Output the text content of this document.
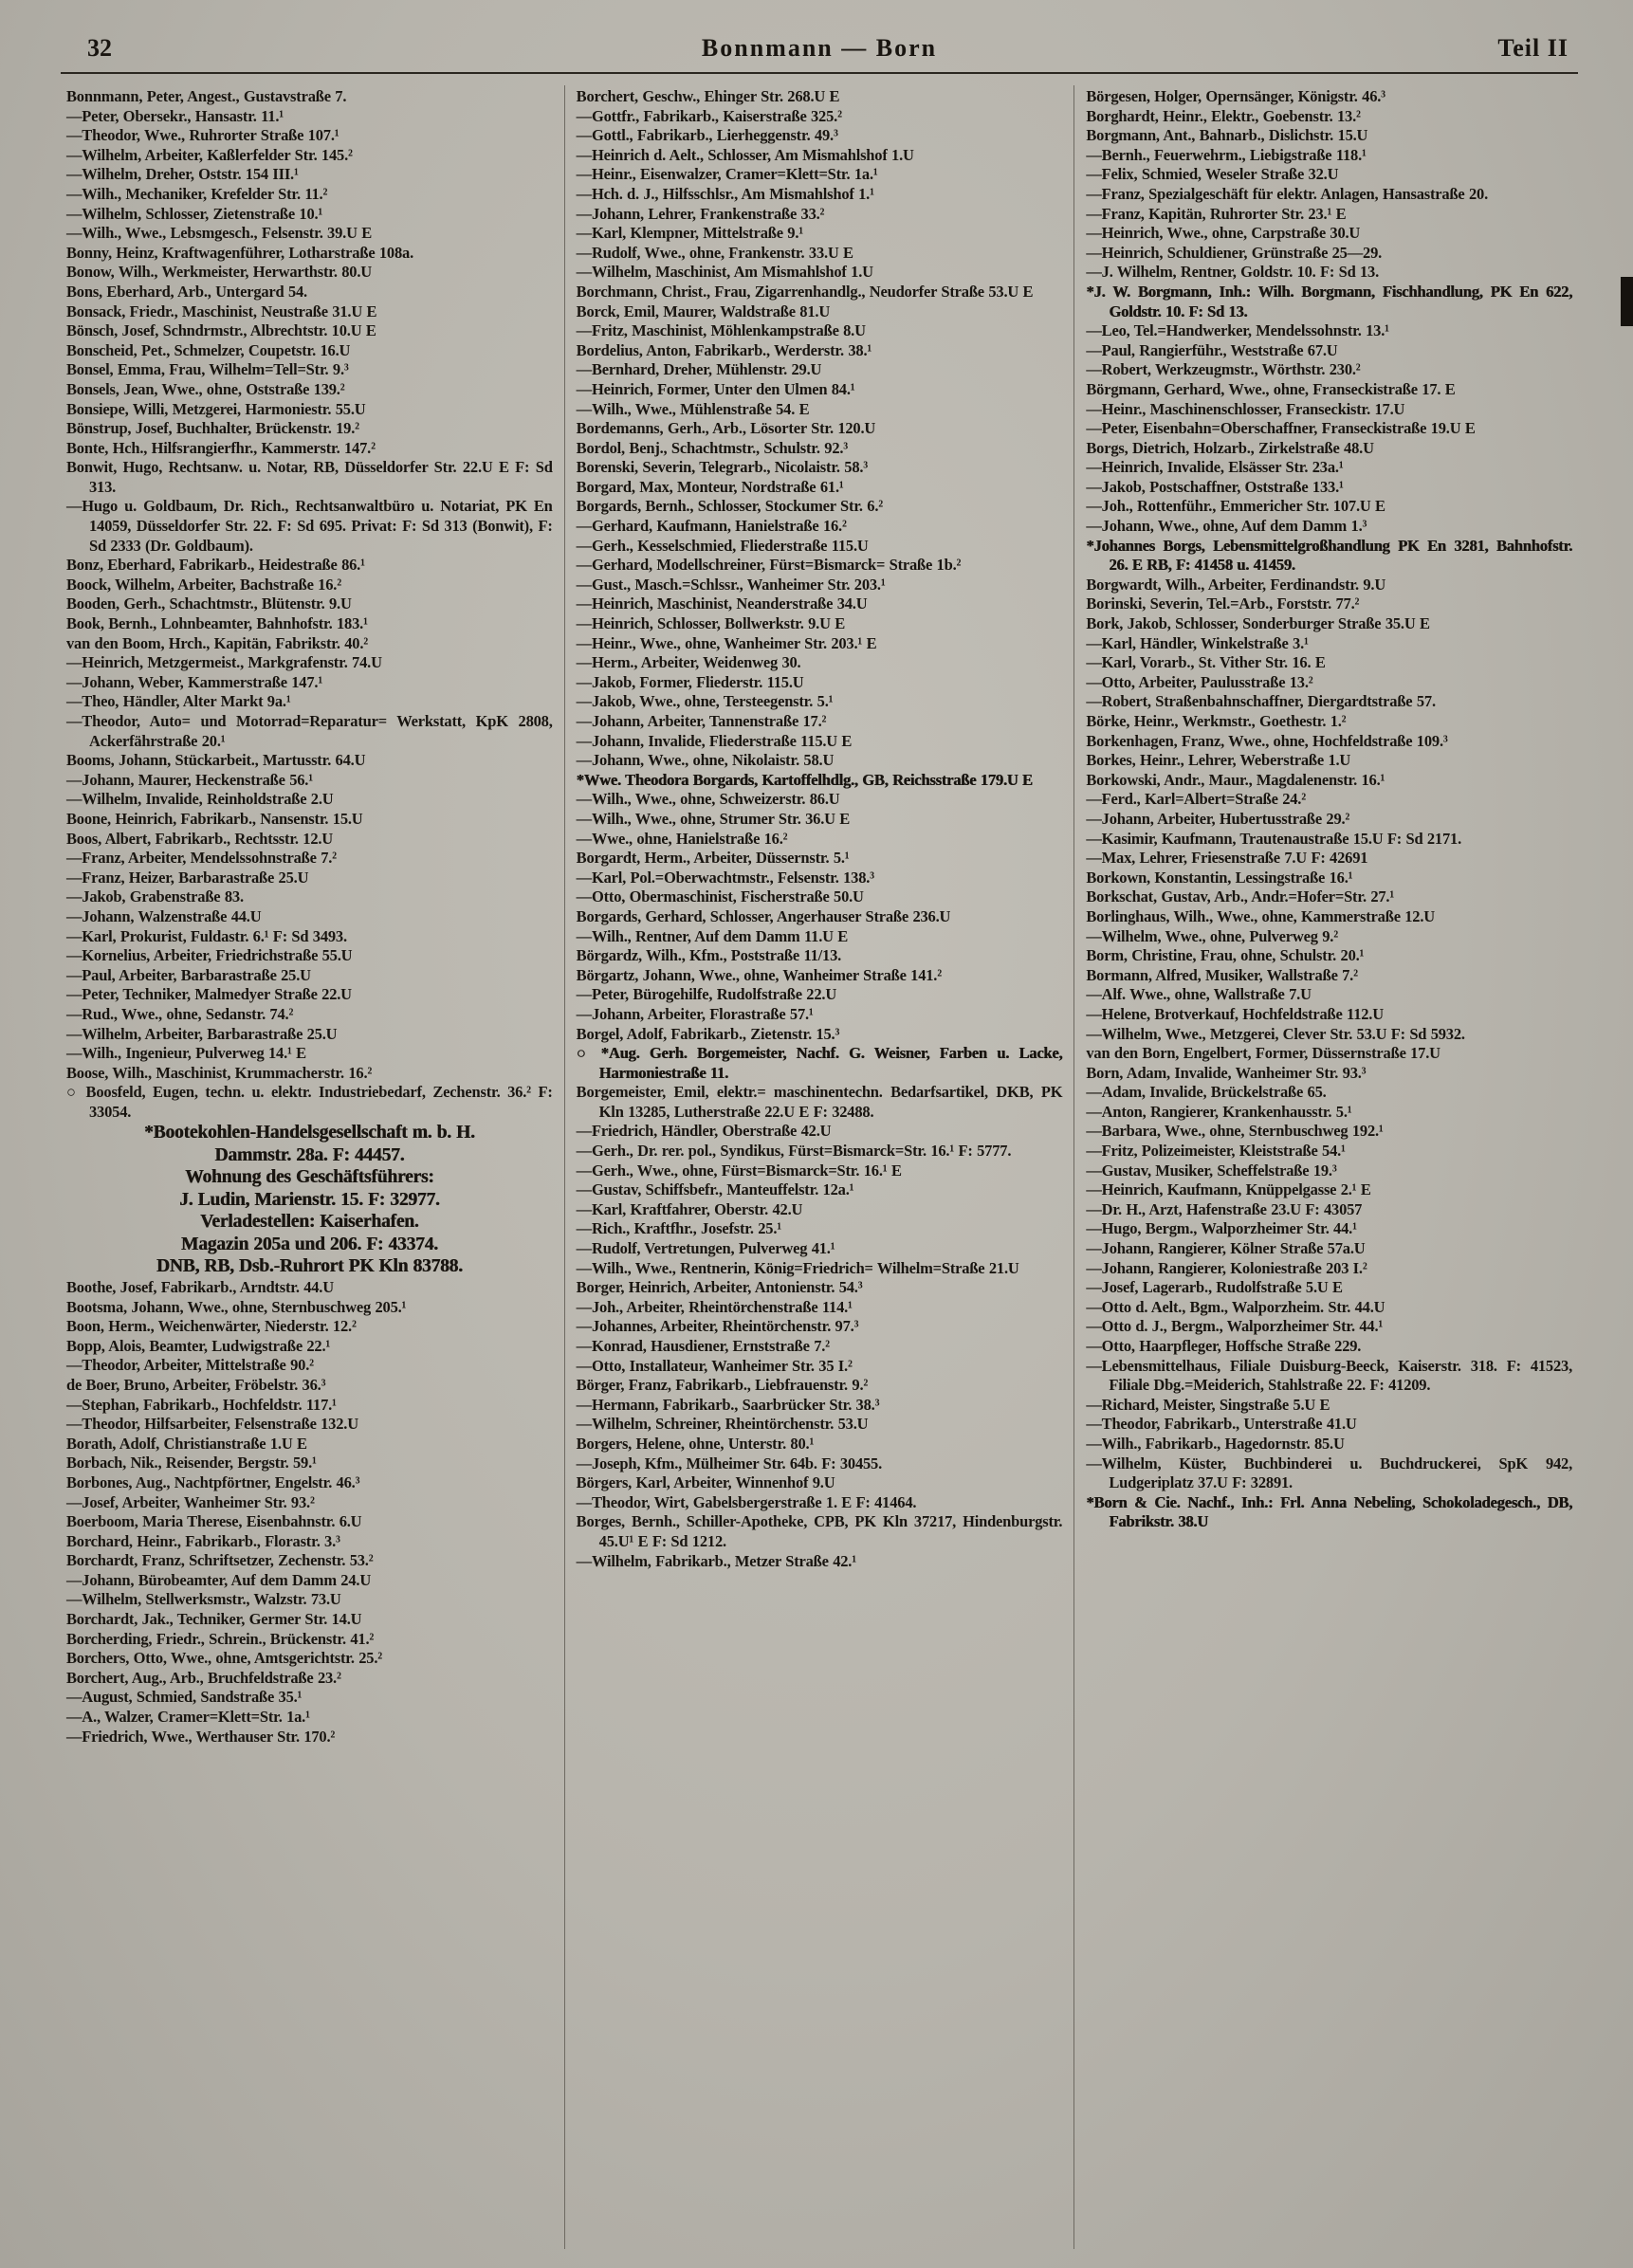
32	Bonnmann — Born	Teil II

Bonnmann, Peter, Angest., Gustavstraße 7.

—Peter, Obersekr., Hansastr. 11.¹

—Theodor, Wwe., Ruhrorter Straße 107.¹

—Wilhelm, Arbeiter, Kaßlerfelder Str. 145.²

—Wilhelm, Dreher, Oststr. 154 III.¹

—Wilh., Mechaniker, Krefelder Str. 11.²

—Wilhelm, Schlosser, Zietenstraße 10.¹

—Wilh., Wwe., Lebsmgesch., Felsenstr. 39.U E

Bonny, Heinz, Kraftwagenführer, Lotharstraße 108a.

Bonow, Wilh., Werkmeister, Herwarthstr. 80.U

Bons, Eberhard, Arb., Untergard 54.

Bonsack, Friedr., Maschinist, Neustraße 31.U E

Bönsch, Josef, Schndrmstr., Albrechtstr. 10.U E

Bonscheid, Pet., Schmelzer, Coupetstr. 16.U

Bonsel, Emma, Frau, Wilhelm=Tell=Str. 9.³

Bonsels, Jean, Wwe., ohne, Oststraße 139.²

Bonsiepe, Willi, Metzgerei, Harmoniestr. 55.U

Bönstrup, Josef, Buchhalter, Brückenstr. 19.²

Bonte, Hch., Hilfsrangierfhr., Kammerstr. 147.²

Bonwit, Hugo, Rechtsanw. u. Notar, RB, Düsseldorfer Str. 22.U E F: Sd 313.

—Hugo u. Goldbaum, Dr. Rich., Rechtsanwaltbüro u. Notariat, PK En 14059, Düsseldorfer Str. 22. F: Sd 695. Privat: F: Sd 313 (Bonwit), F: Sd 2333 (Dr. Goldbaum).

Bonz, Eberhard, Fabrikarb., Heidestraße 86.¹

Boock, Wilhelm, Arbeiter, Bachstraße 16.²

Booden, Gerh., Schachtmstr., Blütenstr. 9.U

Book, Bernh., Lohnbeamter, Bahnhofstr. 183.¹

van den Boom, Hrch., Kapitän, Fabrikstr. 40.²

—Heinrich, Metzgermeist., Markgrafenstr. 74.U

—Johann, Weber, Kammerstraße 147.¹

—Theo, Händler, Alter Markt 9a.¹

—Theodor, Auto= und Motorrad=Reparatur= Werkstatt, KpK 2808, Ackerfährstraße 20.¹

Booms, Johann, Stückarbeit., Martusstr. 64.U

—Johann, Maurer, Heckenstraße 56.¹

—Wilhelm, Invalide, Reinholdstraße 2.U

Boone, Heinrich, Fabrikarb., Nansenstr. 15.U

Boos, Albert, Fabrikarb., Rechtsstr. 12.U

—Franz, Arbeiter, Mendelssohnstraße 7.²

—Franz, Heizer, Barbarastraße 25.U

—Jakob, Grabenstraße 83.

—Johann, Walzenstraße 44.U

—Karl, Prokurist, Fuldastr. 6.¹ F: Sd 3493.

—Kornelius, Arbeiter, Friedrichstraße 55.U

—Paul, Arbeiter, Barbarastraße 25.U

—Peter, Techniker, Malmedyer Straße 22.U

—Rud., Wwe., ohne, Sedanstr. 74.²

—Wilhelm, Arbeiter, Barbarastraße 25.U

—Wilh., Ingenieur, Pulverweg 14.¹ E

Boose, Wilh., Maschinist, Krummacherstr. 16.²

○ Boosfeld, Eugen, techn. u. elektr. Industriebedarf, Zechenstr. 36.² F: 33054.

*Bootekohlen-Handelsgesellschaft m. b. H.

Dammstr. 28a. F: 44457.

Wohnung des Geschäftsführers:

J. Ludin, Marienstr. 15. F: 32977.

Verladestellen: Kaiserhafen.

Magazin 205a und 206. F: 43374.

DNB, RB, Dsb.-Ruhrort PK Kln 83788.

Boothe, Josef, Fabrikarb., Arndtstr. 44.U

Bootsma, Johann, Wwe., ohne, Sternbuschweg 205.¹

Boon, Herm., Weichenwärter, Niederstr. 12.²

Bopp, Alois, Beamter, Ludwigstraße 22.¹

—Theodor, Arbeiter, Mittelstraße 90.²

de Boer, Bruno, Arbeiter, Fröbelstr. 36.³

—Stephan, Fabrikarb., Hochfeldstr. 117.¹

—Theodor, Hilfsarbeiter, Felsenstraße 132.U

Borath, Adolf, Christianstraße 1.U E

Borbach, Nik., Reisender, Bergstr. 59.¹

Borbones, Aug., Nachtpförtner, Engelstr. 46.³

—Josef, Arbeiter, Wanheimer Str. 93.²

Boerboom, Maria Therese, Eisenbahnstr. 6.U

Borchard, Heinr., Fabrikarb., Florastr. 3.³

Borchardt, Franz, Schriftsetzer, Zechenstr. 53.²

—Johann, Bürobeamter, Auf dem Damm 24.U

—Wilhelm, Stellwerksmstr., Walzstr. 73.U

Borchardt, Jak., Techniker, Germer Str. 14.U

Borcherding, Friedr., Schrein., Brückenstr. 41.²

Borchers, Otto, Wwe., ohne, Amtsgerichtstr. 25.²

Borchert, Aug., Arb., Bruchfeldstraße 23.²

—August, Schmied, Sandstraße 35.¹

—A., Walzer, Cramer=Klett=Str. 1a.¹

—Friedrich, Wwe., Werthauser Str. 170.²

Borchert, Geschw., Ehinger Str. 268.U E

—Gottfr., Fabrikarb., Kaiserstraße 325.²

—Gottl., Fabrikarb., Lierheggenstr. 49.³

—Heinrich d. Aelt., Schlosser, Am Mismahlshof 1.U

—Heinr., Eisenwalzer, Cramer=Klett=Str. 1a.¹

—Hch. d. J., Hilfsschlsr., Am Mismahlshof 1.¹

—Johann, Lehrer, Frankenstraße 33.²

—Karl, Klempner, Mittelstraße 9.¹

—Rudolf, Wwe., ohne, Frankenstr. 33.U E

—Wilhelm, Maschinist, Am Mismahlshof 1.U

Borchmann, Christ., Frau, Zigarrenhandlg., Neudorfer Straße 53.U E

Borck, Emil, Maurer, Waldstraße 81.U

—Fritz, Maschinist, Möhlenkampstraße 8.U

Bordelius, Anton, Fabrikarb., Werderstr. 38.¹

—Bernhard, Dreher, Mühlenstr. 29.U

—Heinrich, Former, Unter den Ulmen 84.¹

—Wilh., Wwe., Mühlenstraße 54. E

Bordemanns, Gerh., Arb., Lösorter Str. 120.U

Bordol, Benj., Schachtmstr., Schulstr. 92.³

Borenski, Severin, Telegrarb., Nicolaistr. 58.³

Borgard, Max, Monteur, Nordstraße 61.¹

Borgards, Bernh., Schlosser, Stockumer Str. 6.²

—Gerhard, Kaufmann, Hanielstraße 16.²

—Gerh., Kesselschmied, Fliederstraße 115.U

—Gerhard, Modellschreiner, Fürst=Bismarck= Straße 1b.²

—Gust., Masch.=Schlssr., Wanheimer Str. 203.¹

—Heinrich, Maschinist, Neanderstraße 34.U

—Heinrich, Schlosser, Bollwerkstr. 9.U E

—Heinr., Wwe., ohne, Wanheimer Str. 203.¹ E

—Herm., Arbeiter, Weidenweg 30.

—Jakob, Former, Fliederstr. 115.U

—Jakob, Wwe., ohne, Tersteegenstr. 5.¹

—Johann, Arbeiter, Tannenstraße 17.²

—Johann, Invalide, Fliederstraße 115.U E

—Johann, Wwe., ohne, Nikolaistr. 58.U

*Wwe. Theodora Borgards, Kartoffelhdlg., GB, Reichsstraße 179.U E

—Wilh., Wwe., ohne, Schweizerstr. 86.U

—Wilh., Wwe., ohne, Strumer Str. 36.U E

—Wwe., ohne, Hanielstraße 16.²

Borgardt, Herm., Arbeiter, Düssernstr. 5.¹

—Karl, Pol.=Oberwachtmstr., Felsenstr. 138.³

—Otto, Obermaschinist, Fischerstraße 50.U

Borgards, Gerhard, Schlosser, Angerhauser Straße 236.U

—Wilh., Rentner, Auf dem Damm 11.U E

Börgardz, Wilh., Kfm., Poststraße 11/13.

Börgartz, Johann, Wwe., ohne, Wanheimer Straße 141.²

—Peter, Bürogehilfe, Rudolfstraße 22.U

—Johann, Arbeiter, Florastraße 57.¹

Borgel, Adolf, Fabrikarb., Zietenstr. 15.³

○ *Aug. Gerh. Borgemeister, Nachf. G. Weisner, Farben u. Lacke, Harmoniestraße 11.

Borgemeister, Emil, elektr.= maschinentechn. Bedarfsartikel, DKB, PK Kln 13285, Lutherstraße 22.U E F: 32488.

—Friedrich, Händler, Oberstraße 42.U

—Gerh., Dr. rer. pol., Syndikus, Fürst=Bismarck=Str. 16.¹ F: 5777.

—Gerh., Wwe., ohne, Fürst=Bismarck=Str. 16.¹ E

—Gustav, Schiffsbefr., Manteuffelstr. 12a.¹

—Karl, Kraftfahrer, Oberstr. 42.U

—Rich., Kraftfhr., Josefstr. 25.¹

—Rudolf, Vertretungen, Pulverweg 41.¹

—Wilh., Wwe., Rentnerin, König=Friedrich= Wilhelm=Straße 21.U

Borger, Heinrich, Arbeiter, Antonienstr. 54.³

—Joh., Arbeiter, Rheintörchenstraße 114.¹

—Johannes, Arbeiter, Rheintörchenstr. 97.³

—Konrad, Hausdiener, Ernststraße 7.²

—Otto, Installateur, Wanheimer Str. 35 I.²

Börger, Franz, Fabrikarb., Liebfrauenstr. 9.²

—Hermann, Fabrikarb., Saarbrücker Str. 38.³

—Wilhelm, Schreiner, Rheintörchenstr. 53.U

Borgers, Helene, ohne, Unterstr. 80.¹

—Joseph, Kfm., Mülheimer Str. 64b. F: 30455.

Börgers, Karl, Arbeiter, Winnenhof 9.U

—Theodor, Wirt, Gabelsbergerstraße 1. E F: 41464.

Borges, Bernh., Schiller-Apotheke, CPB, PK Kln 37217, Hindenburgstr. 45.U¹ E F: Sd 1212.

—Wilhelm, Fabrikarb., Metzer Straße 42.¹

Börgesen, Holger, Opernsänger, Königstr. 46.³

Borghardt, Heinr., Elektr., Goebenstr. 13.²

Borgmann, Ant., Bahnarb., Dislichstr. 15.U

—Bernh., Feuerwehrm., Liebigstraße 118.¹

—Felix, Schmied, Weseler Straße 32.U

—Franz, Spezialgeschäft für elektr. Anlagen, Hansastraße 20.

—Franz, Kapitän, Ruhrorter Str. 23.¹ E

—Heinrich, Wwe., ohne, Carpstraße 30.U

—Heinrich, Schuldiener, Grünstraße 25—29.

—J. Wilhelm, Rentner, Goldstr. 10. F: Sd 13.

*J. W. Borgmann, Inh.: Wilh. Borgmann, Fischhandlung, PK En 622, Goldstr. 10. F: Sd 13.

—Leo, Tel.=Handwerker, Mendelssohnstr. 13.¹

—Paul, Rangierführ., Weststraße 67.U

—Robert, Werkzeugmstr., Wörthstr. 230.²

Börgmann, Gerhard, Wwe., ohne, Franseckistraße 17. E

—Heinr., Maschinenschlosser, Franseckistr. 17.U

—Peter, Eisenbahn=Oberschaffner, Franseckistraße 19.U E

Borgs, Dietrich, Holzarb., Zirkelstraße 48.U

—Heinrich, Invalide, Elsässer Str. 23a.¹

—Jakob, Postschaffner, Oststraße 133.¹

—Joh., Rottenführ., Emmericher Str. 107.U E

—Johann, Wwe., ohne, Auf dem Damm 1.³

*Johannes Borgs, Lebensmittelgroßhandlung PK En 3281, Bahnhofstr. 26. E RB, F: 41458 u. 41459.

Borgwardt, Wilh., Arbeiter, Ferdinandstr. 9.U

Borinski, Severin, Tel.=Arb., Forststr. 77.²

Bork, Jakob, Schlosser, Sonderburger Straße 35.U E

—Karl, Händler, Winkelstraße 3.¹

—Karl, Vorarb., St. Vither Str. 16. E

—Otto, Arbeiter, Paulusstraße 13.²

—Robert, Straßenbahnschaffner, Diergardtstraße 57.

Börke, Heinr., Werkmstr., Goethestr. 1.²

Borkenhagen, Franz, Wwe., ohne, Hochfeldstraße 109.³

Borkes, Heinr., Lehrer, Weberstraße 1.U

Borkowski, Andr., Maur., Magdalenenstr. 16.¹

—Ferd., Karl=Albert=Straße 24.²

—Johann, Arbeiter, Hubertusstraße 29.²

—Kasimir, Kaufmann, Trautenaustraße 15.U F: Sd 2171.

—Max, Lehrer, Friesenstraße 7.U F: 42691

Borkown, Konstantin, Lessingstraße 16.¹

Borkschat, Gustav, Arb., Andr.=Hofer=Str. 27.¹

Borlinghaus, Wilh., Wwe., ohne, Kammerstraße 12.U

—Wilhelm, Wwe., ohne, Pulverweg 9.²

Borm, Christine, Frau, ohne, Schulstr. 20.¹

Bormann, Alfred, Musiker, Wallstraße 7.²

—Alf. Wwe., ohne, Wallstraße 7.U

—Helene, Brotverkauf, Hochfeldstraße 112.U

—Wilhelm, Wwe., Metzgerei, Clever Str. 53.U F: Sd 5932.

van den Born, Engelbert, Former, Düssernstraße 17.U

Born, Adam, Invalide, Wanheimer Str. 93.³

—Adam, Invalide, Brückelstraße 65.

—Anton, Rangierer, Krankenhausstr. 5.¹

—Barbara, Wwe., ohne, Sternbuschweg 192.¹

—Fritz, Polizeimeister, Kleiststraße 54.¹

—Gustav, Musiker, Scheffelstraße 19.³

—Heinrich, Kaufmann, Knüppelgasse 2.¹ E

—Dr. H., Arzt, Hafenstraße 23.U F: 43057

—Hugo, Bergm., Walporzheimer Str. 44.¹

—Johann, Rangierer, Kölner Straße 57a.U

—Johann, Rangierer, Koloniestraße 203 I.²

—Josef, Lagerarb., Rudolfstraße 5.U E

—Otto d. Aelt., Bgm., Walporzheim. Str. 44.U

—Otto d. J., Bergm., Walporzheimer Str. 44.¹

—Otto, Haarpfleger, Hoffsche Straße 229.

—Lebensmittelhaus, Filiale Duisburg-Beeck, Kaiserstr. 318. F: 41523, Filiale Dbg.=Meiderich, Stahlstraße 22. F: 41209.

—Richard, Meister, Singstraße 5.U E

—Theodor, Fabrikarb., Unterstraße 41.U

—Wilh., Fabrikarb., Hagedornstr. 85.U

—Wilhelm, Küster, Buchbinderei u. Buchdruckerei, SpK 942, Ludgeriplatz 37.U F: 32891.

*Born & Cie. Nachf., Inh.: Frl. Anna Nebeling, Schokoladegesch., DB, Fabrikstr. 38.U
